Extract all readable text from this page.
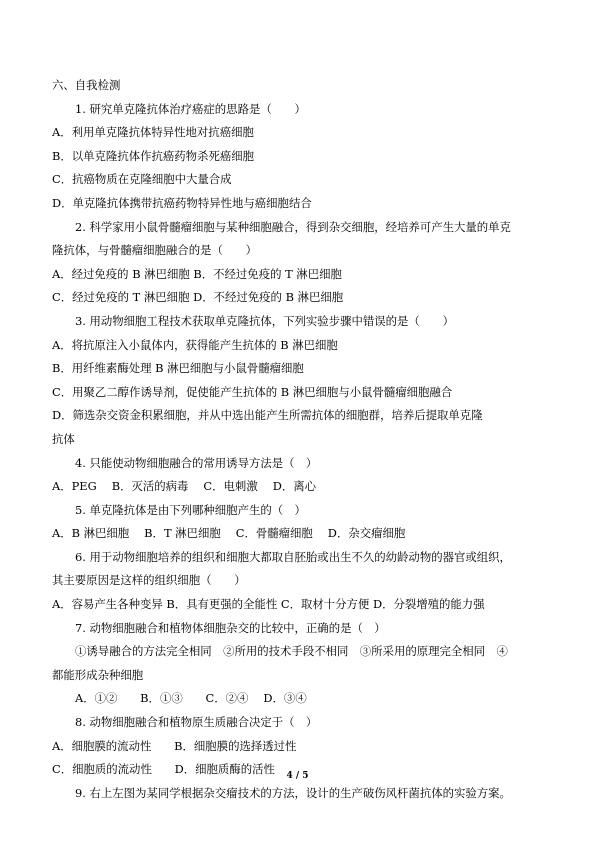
六、自我检测
1. 研究单克隆抗体治疗癌症的思路是（　　）
A．利用单克隆抗体特异性地对抗癌细胞
B．以单克隆抗体作抗癌药物杀死癌细胞
C．抗癌物质在克隆细胞中大量合成
D．单克隆抗体携带抗癌药物特异性地与癌细胞结合
2. 科学家用小鼠骨髓瘤细胞与某种细胞融合，得到杂交细胞，经培养可产生大量的单克
隆抗体，与骨髓瘤细胞融合的是（　　）
A．经过免疫的 B 淋巴细胞 B．不经过免疫的 T 淋巴细胞
C．经过免疫的 T 淋巴细胞 D．不经过免疫的 B 淋巴细胞
3. 用动物细胞工程技术获取单克隆抗体，下列实验步骤中错误的是（　　）
A．将抗原注入小鼠体内，获得能产生抗体的 B 淋巴细胞
B．用纤维素酶处理 B 淋巴细胞与小鼠骨髓瘤细胞
C．用聚乙二醇作诱导剂，促使能产生抗体的 B 淋巴细胞与小鼠骨髓瘤细胞融合
D．筛选杂交资金积累细胞，并从中选出能产生所需抗体的细胞群，培养后提取单克隆
抗体
4. 只能使动物细胞融合的常用诱导方法是（　）
A．PEG　 B．灭活的病毒　 C．电刺激　 D．离心
5. 单克隆抗体是由下列哪种细胞产生的（　）
A．B 淋巴细胞　 B．T 淋巴细胞　 C．骨髓瘤细胞　 D．杂交瘤细胞
6. 用于动物细胞培养的组织和细胞大都取自胚胎或出生不久的幼龄动物的器官或组织，
其主要原因是这样的组织细胞（　　）
A．容易产生各种变异 B．具有更强的全能性 C．取材十分方便 D．分裂增殖的能力强
7. 动物细胞融合和植物体细胞杂交的比较中，正确的是（　）
①诱导融合的方法完全相同　②所用的技术手段不相同　③所采用的原理完全相同　④
都能形成杂种细胞
A．①②　　B．①③　　C．②④　 D．③④
8. 动物细胞融合和植物原生质融合决定于（　）
A．细胞膜的流动性　　B．细胞膜的选择透过性
C．细胞质的流动性　　D．细胞质酶的活性
9. 右上左图为某同学根据杂交瘤技术的方法，设计的生产破伤风杆菌抗体的实验方案。
4 / 5
